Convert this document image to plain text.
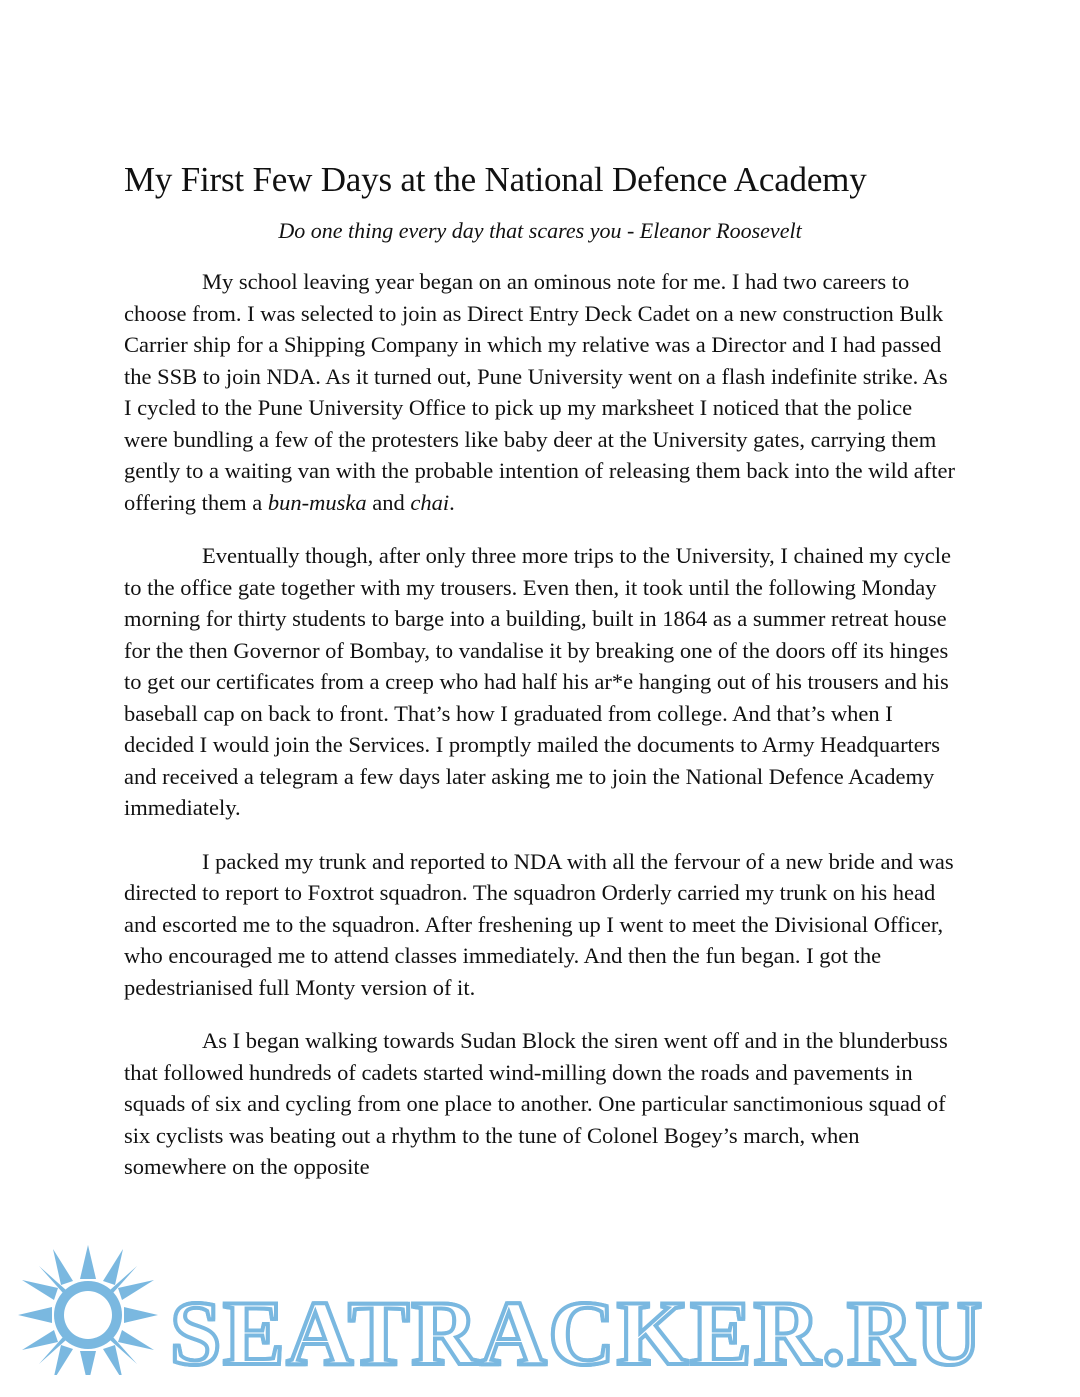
My First Few Days at the National Defence Academy
Do one thing every day that scares you - Eleanor Roosevelt

My school leaving year began on an ominous note for me. I had two careers to choose from. I was selected to join as Direct Entry Deck Cadet on a new construction Bulk Carrier ship for a Shipping Company in which my relative was a Director and I had passed the SSB to join NDA. As it turned out, Pune University went on a flash indefinite strike. As I cycled to the Pune University Office to pick up my marksheet I noticed that the police were bundling a few of the protesters like baby deer at the University gates, carrying them gently to a waiting van with the probable intention of releasing them back into the wild after offering them a bun-muska and chai.

Eventually though, after only three more trips to the University, I chained my cycle to the office gate together with my trousers. Even then, it took until the following Monday morning for thirty students to barge into a building, built in 1864 as a summer retreat house for the then Governor of Bombay, to vandalise it by breaking one of the doors off its hinges to get our certificates from a creep who had half his ar*e hanging out of his trousers and his baseball cap on back to front. That’s how I graduated from college. And that’s when I decided I would join the Services. I promptly mailed the documents to Army Headquarters and received a telegram a few days later asking me to join the National Defence Academy immediately.

I packed my trunk and reported to NDA with all the fervour of a new bride and was directed to report to Foxtrot squadron. The squadron Orderly carried my trunk on his head and escorted me to the squadron. After freshening up I went to meet the Divisional Officer, who encouraged me to attend classes immediately. And then the fun began. I got the pedestrianised full Monty version of it.

As I began walking towards Sudan Block the siren went off and in the blunderbuss that followed hundreds of cadets started wind-milling down the roads and pavements in squads of six and cycling from one place to another. One particular sanctimonious squad of six cyclists was beating out a rhythm to the tune of Colonel Bogey’s march, when somewhere on the opposite

SEATRACKER.RU
